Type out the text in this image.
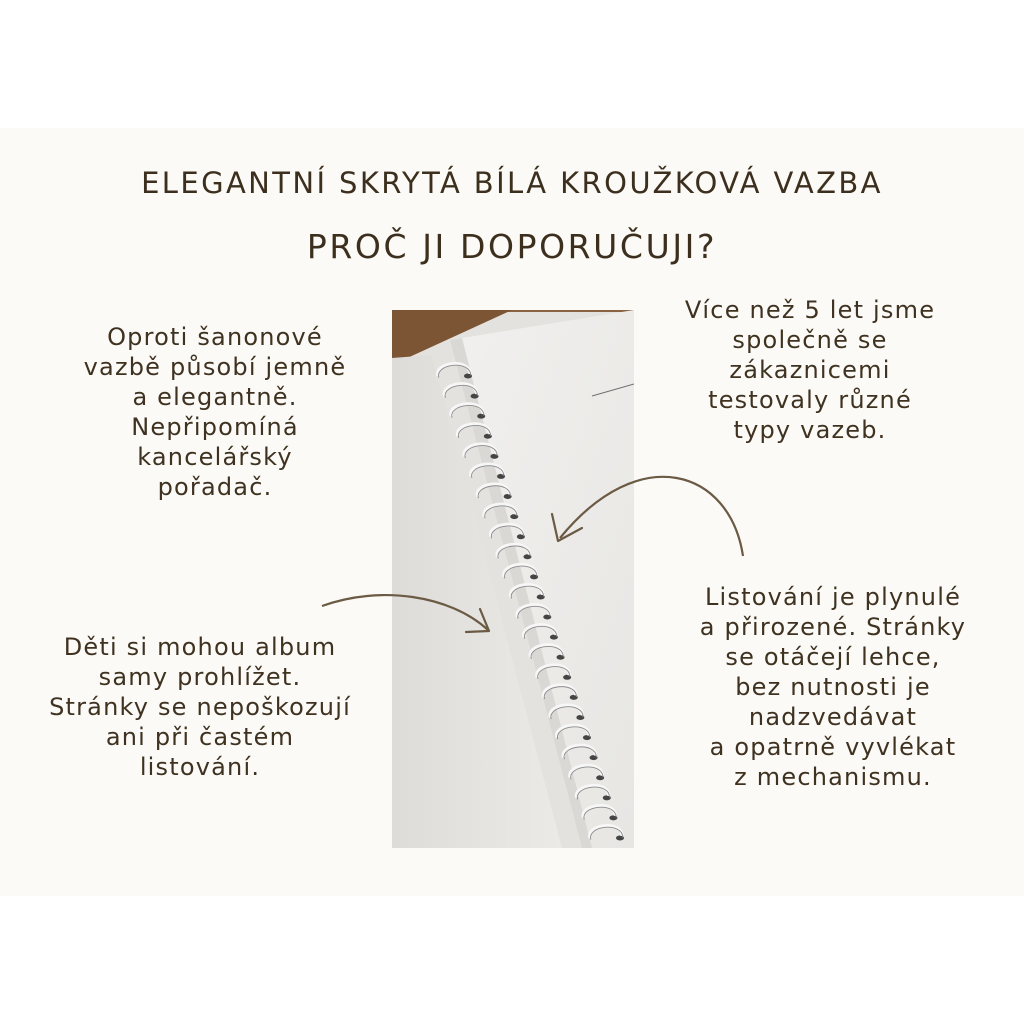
ELEGANTNÍ SKRYTÁ BÍLÁ KROUŽKOVÁ VAZBA
PROČ JI DOPORUČUJI?

Oproti šanonové
vazbě působí jemně
a elegantně.
Nepřipomíná
kancelářský
pořadač.

Více než 5 let jsme
společně se
zákaznicemi
testovaly různé
typy vazeb.

Děti si mohou album
samy prohlížet.
Stránky se nepoškozují
ani při častém
listování.

Listování je plynulé
a přirozené. Stránky
se otáčejí lehce,
bez nutnosti je
nadzvedávat
a opatrně vyvlékat
z mechanismu.
